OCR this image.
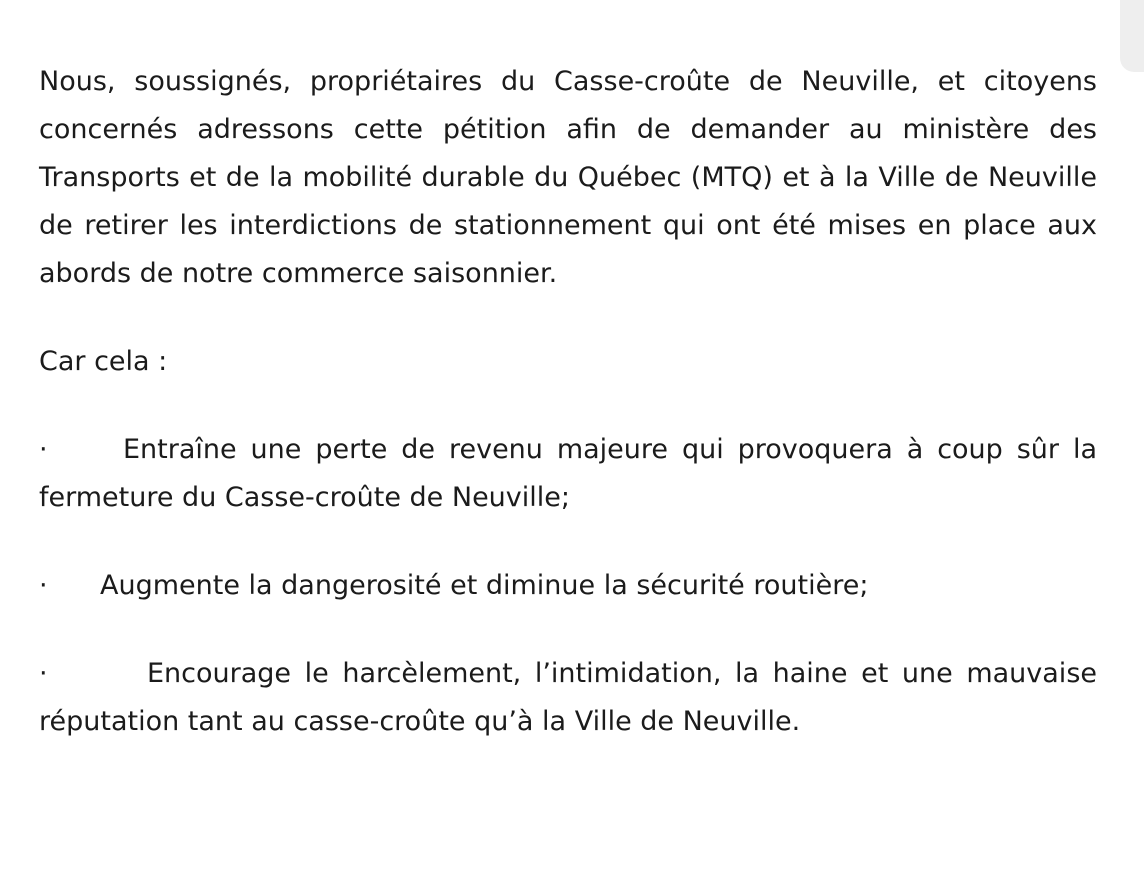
Nous, soussignés, propriétaires du Casse-croûte de Neuville, et citoyens concernés adressons cette pétition afin de demander au ministère des Transports et de la mobilité durable du Québec (MTQ) et à la Ville de Neuville de retirer les interdictions de stationnement qui ont été mises en place aux abords de notre commerce saisonnier.

Car cela :

·	Entraîne une perte de revenu majeure qui provoquera à coup sûr la fermeture du Casse-croûte de Neuville;

· Augmente la dangerosité et diminue la sécurité routière;

·	Encourage le harcèlement, l’intimidation, la haine et une mauvaise réputation tant au casse-croûte qu’à la Ville de Neuville.
